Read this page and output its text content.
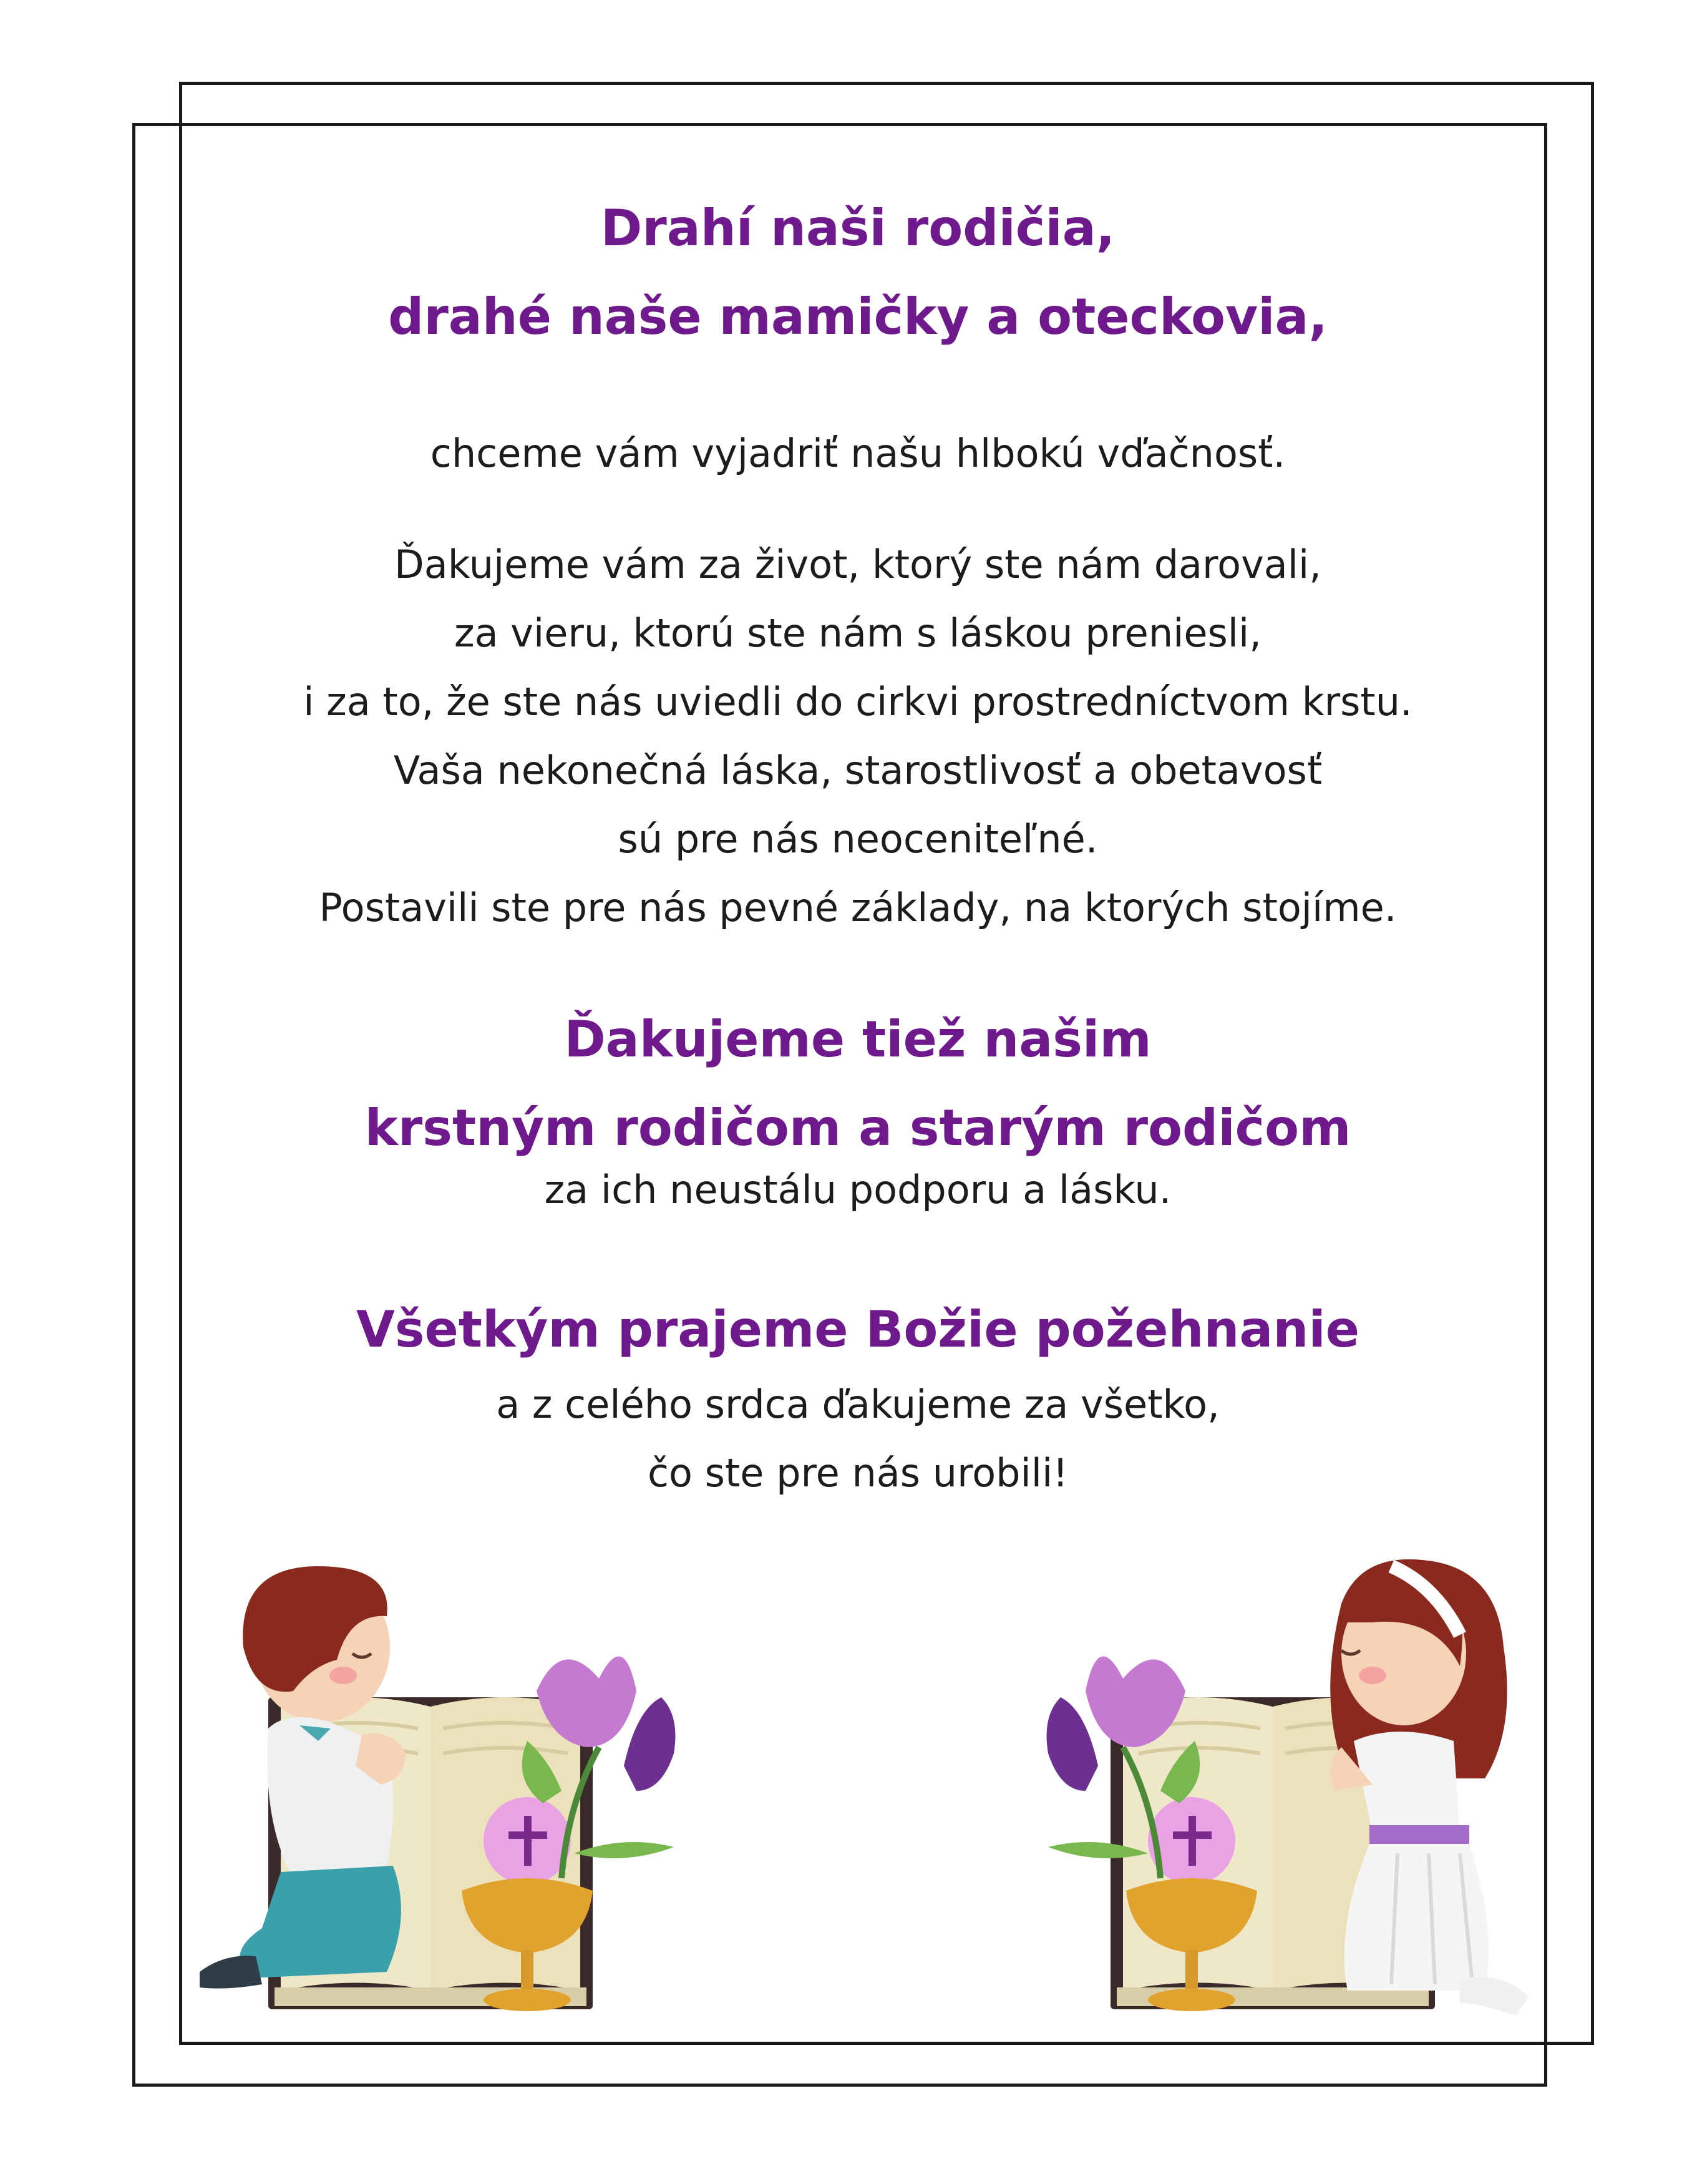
Drahí naši rodičia,

drahé naše mamičky a oteckovia,

chceme vám vyjadriť našu hlbokú vďačnosť.

Ďakujeme vám za život, ktorý ste nám darovali,

za vieru, ktorú ste nám s láskou preniesli,

i za to, že ste nás uviedli do cirkvi prostredníctvom krstu.

Vaša nekonečná láska, starostlivosť a obetavosť

sú pre nás neoceniteľné.

Postavili ste pre nás pevné základy, na ktorých stojíme.

Ďakujeme tiež našim

krstným rodičom a starým rodičom

za ich neustálu podporu a lásku.

Všetkým prajeme Božie požehnanie

a z celého srdca ďakujeme za všetko,

čo ste pre nás urobili!
